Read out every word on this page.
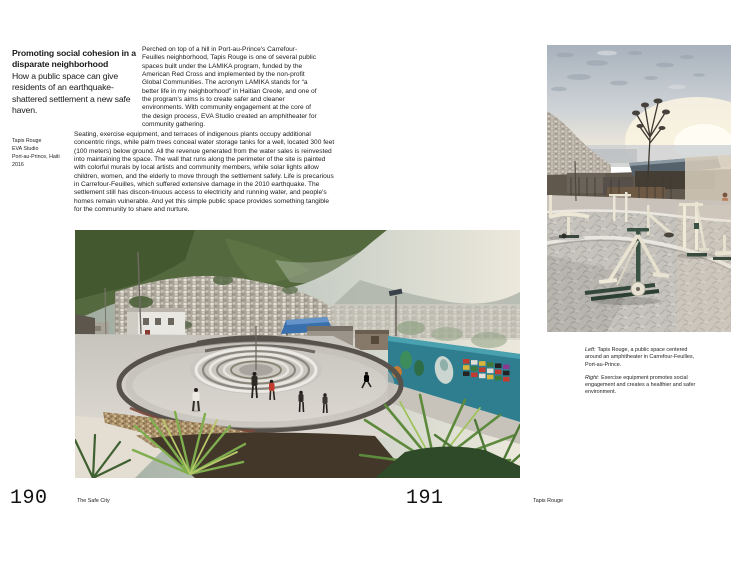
Promoting social cohesion in a disparate neighborhood
How a public space can give residents of an earthquake-shattered settlement a new safe haven.
Tapis Rouge
EVA Studio
Port-au-Prince, Haiti
2016
Perched on top of a hill in Port-au-Prince's Carrefour-Feuilles neighborhood, Tapis Rouge is one of several public spaces built under the LAMIKA program, funded by the American Red Cross and implemented by the non-profit Global Communities. The acronym LAMIKA stands for “a better life in my neighborhood” in Haitian Creole, and one of the program's aims is to create safer and cleaner environments. With community engagement at the core of the design process, EVA Studio created an amphitheater for community gathering.
Seating, exercise equipment, and terraces of indigenous plants occupy additional concentric rings, while palm trees conceal water storage tanks for a well, located 300 feet (100 meters) below ground. All the revenue generated from the water sales is reinvested into maintaining the space. The wall that runs along the perimeter of the site is painted with colorful murals by local artists and community members, while solar lights allow children, women, and the elderly to move through the settlement safely. Life is precarious in Carrefour-Feuilles, which suffered extensive damage in the 2010 earthquake. The settlement still has discon-tinuous access to electricity and running water, and people's homes remain vulnerable. And yet this simple public space provides something tangible for the community to share and nurture.
190	The Safe City

Left: Tapis Rouge, a public space centered around an amphitheater in Carrefour-Feuilles, Port-au-Prince.

Right: Exercise equipment promotes social engagement and creates a healthier and safer environment.

191	Tapis Rouge
